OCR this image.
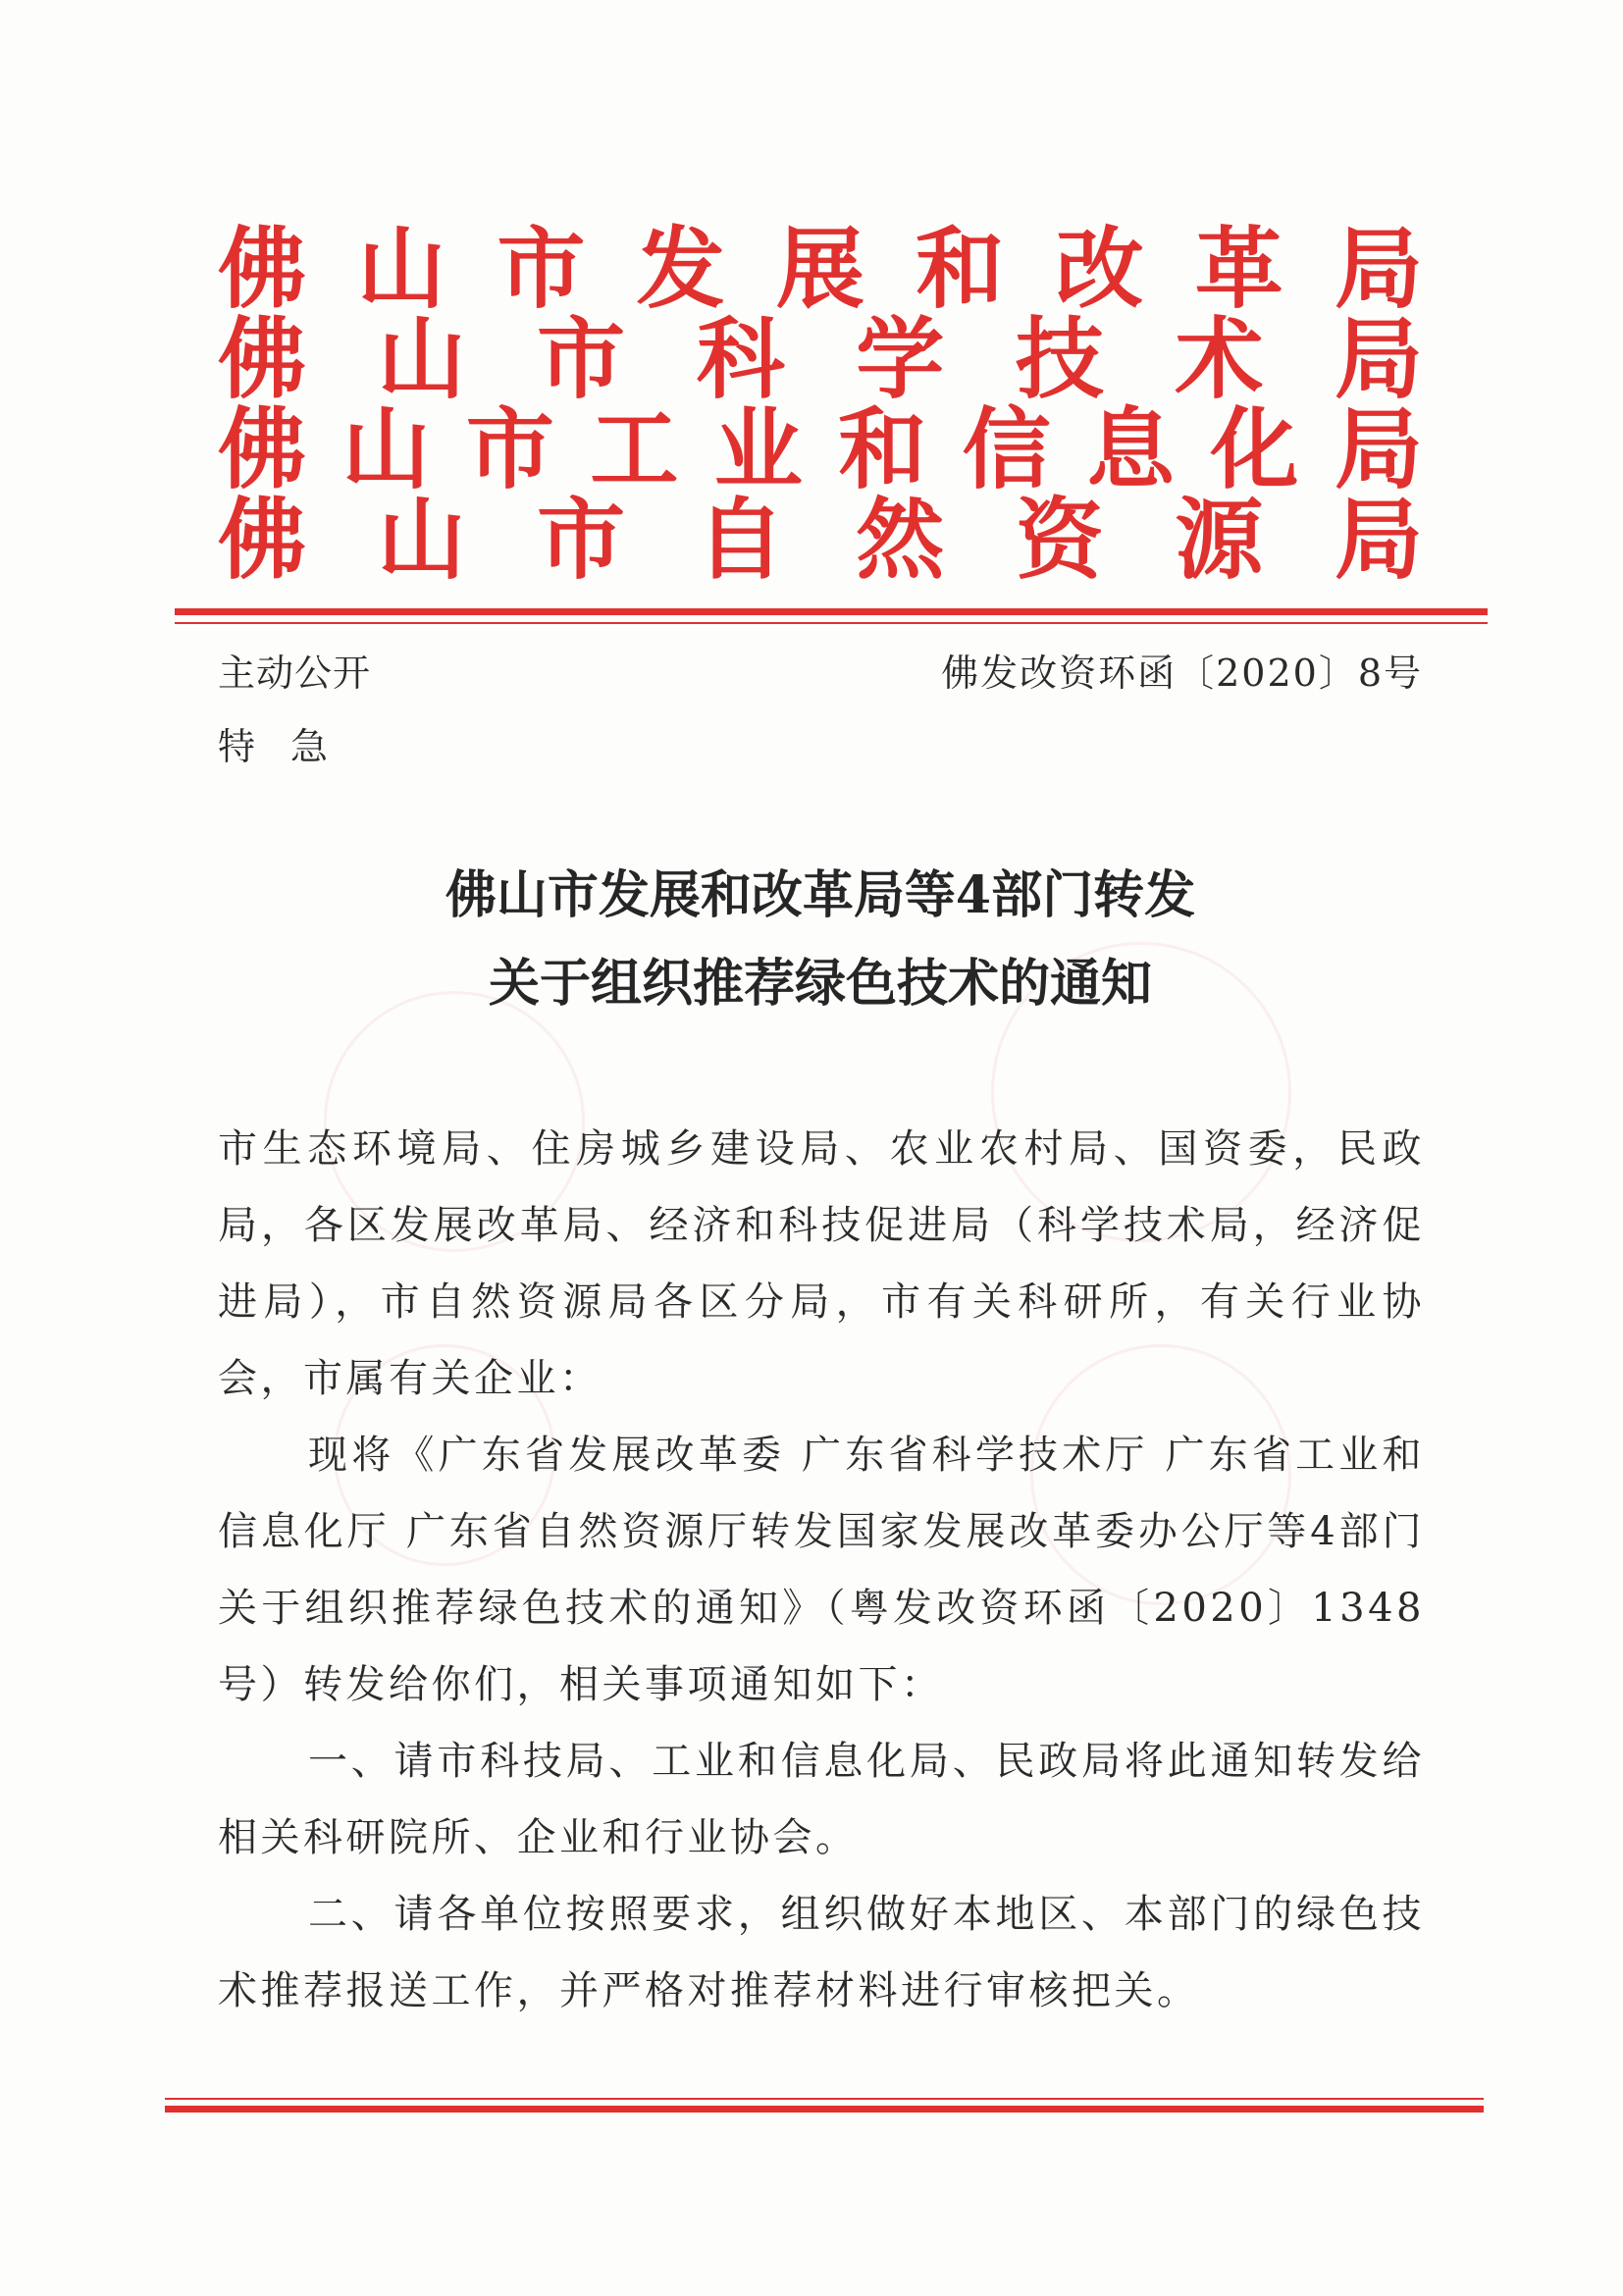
佛 山 市 发 展 和 改 革 局
佛 山 市 科 学 技 术 局
佛 山 市 工 业 和 信 息 化 局
佛 山 市 自 然 资 源 局
主动公开	佛发改资环函〔2020〕8号
特急
佛山市发展和改革局等4部门转发
关于组织推荐绿色技术的通知

市生态环境局、住房城乡建设局、农业农村局、国资委，民政局，各区发展改革局、经济和科技促进局（科学技术局，经济促进局），市自然资源局各区分局，市有关科研所，有关行业协会，市属有关企业：

现将《广东省发展改革委 广东省科学技术厅 广东省工业和信息化厅 广东省自然资源厅转发国家发展改革委办公厅等4部门关于组织推荐绿色技术的通知》（粤发改资环函〔2020〕1348号）转发给你们，相关事项通知如下：

一、请市科技局、工业和信息化局、民政局将此通知转发给相关科研院所、企业和行业协会。

二、请各单位按照要求，组织做好本地区、本部门的绿色技术推荐报送工作，并严格对推荐材料进行审核把关。
